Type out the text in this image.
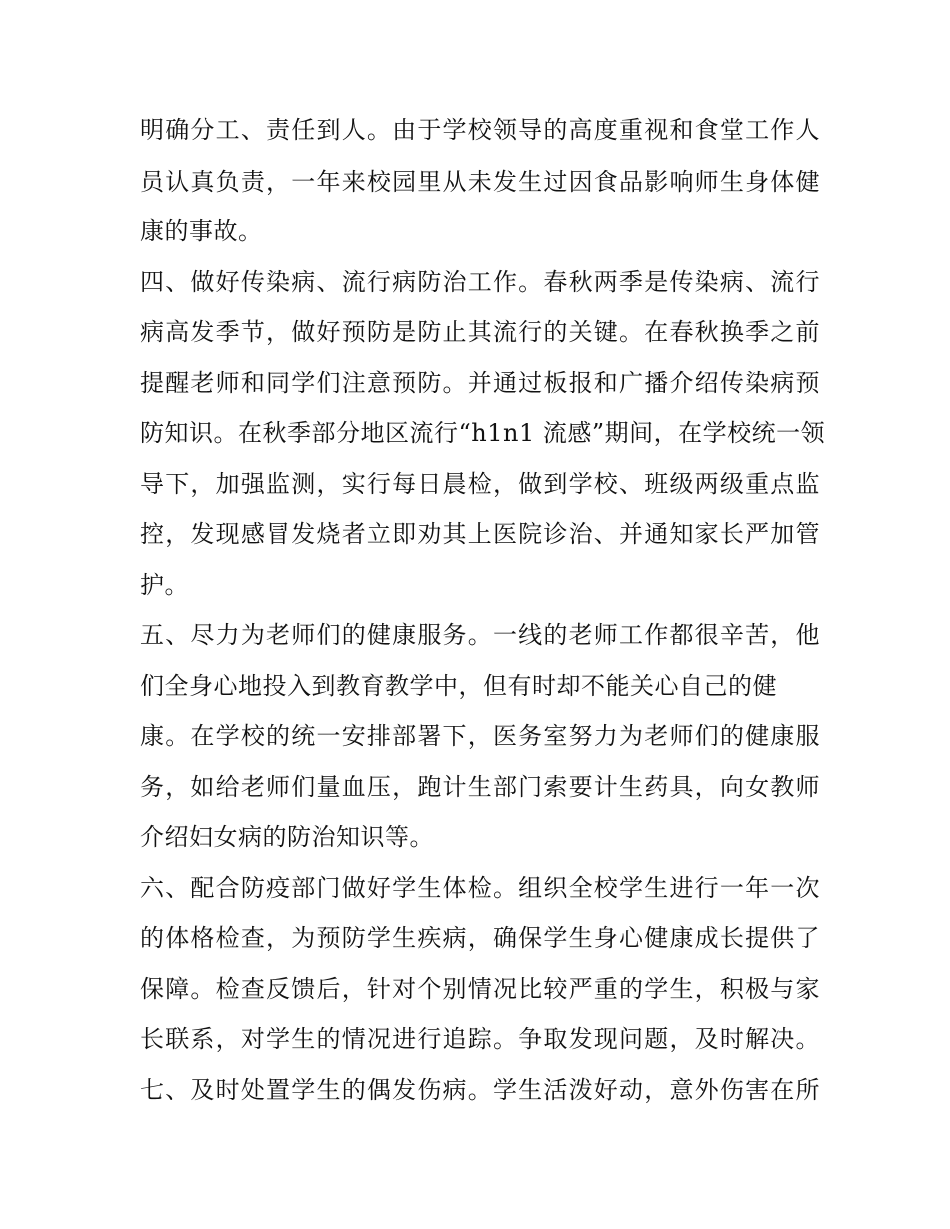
明确分工、责任到人。由于学校领导的高度重视和食堂工作人
员认真负责，一年来校园里从未发生过因食品影响师生身体健
康的事故。
四、做好传染病、流行病防治工作。春秋两季是传染病、流行
病高发季节，做好预防是防止其流行的关键。在春秋换季之前
提醒老师和同学们注意预防。并通过板报和广播介绍传染病预
防知识。在秋季部分地区流行“h1n1 流感”期间，在学校统一领
导下，加强监测，实行每日晨检，做到学校、班级两级重点监
控，发现感冒发烧者立即劝其上医院诊治、并通知家长严加管
护。
五、尽力为老师们的健康服务。一线的老师工作都很辛苦，他
们全身心地投入到教育教学中，但有时却不能关心自己的健
康。在学校的统一安排部署下，医务室努力为老师们的健康服
务，如给老师们量血压，跑计生部门索要计生药具，向女教师
介绍妇女病的防治知识等。
六、配合防疫部门做好学生体检。组织全校学生进行一年一次
的体格检查，为预防学生疾病，确保学生身心健康成长提供了
保障。检查反馈后，针对个别情况比较严重的学生，积极与家
长联系，对学生的情况进行追踪。争取发现问题，及时解决。
七、及时处置学生的偶发伤病。学生活泼好动，意外伤害在所
